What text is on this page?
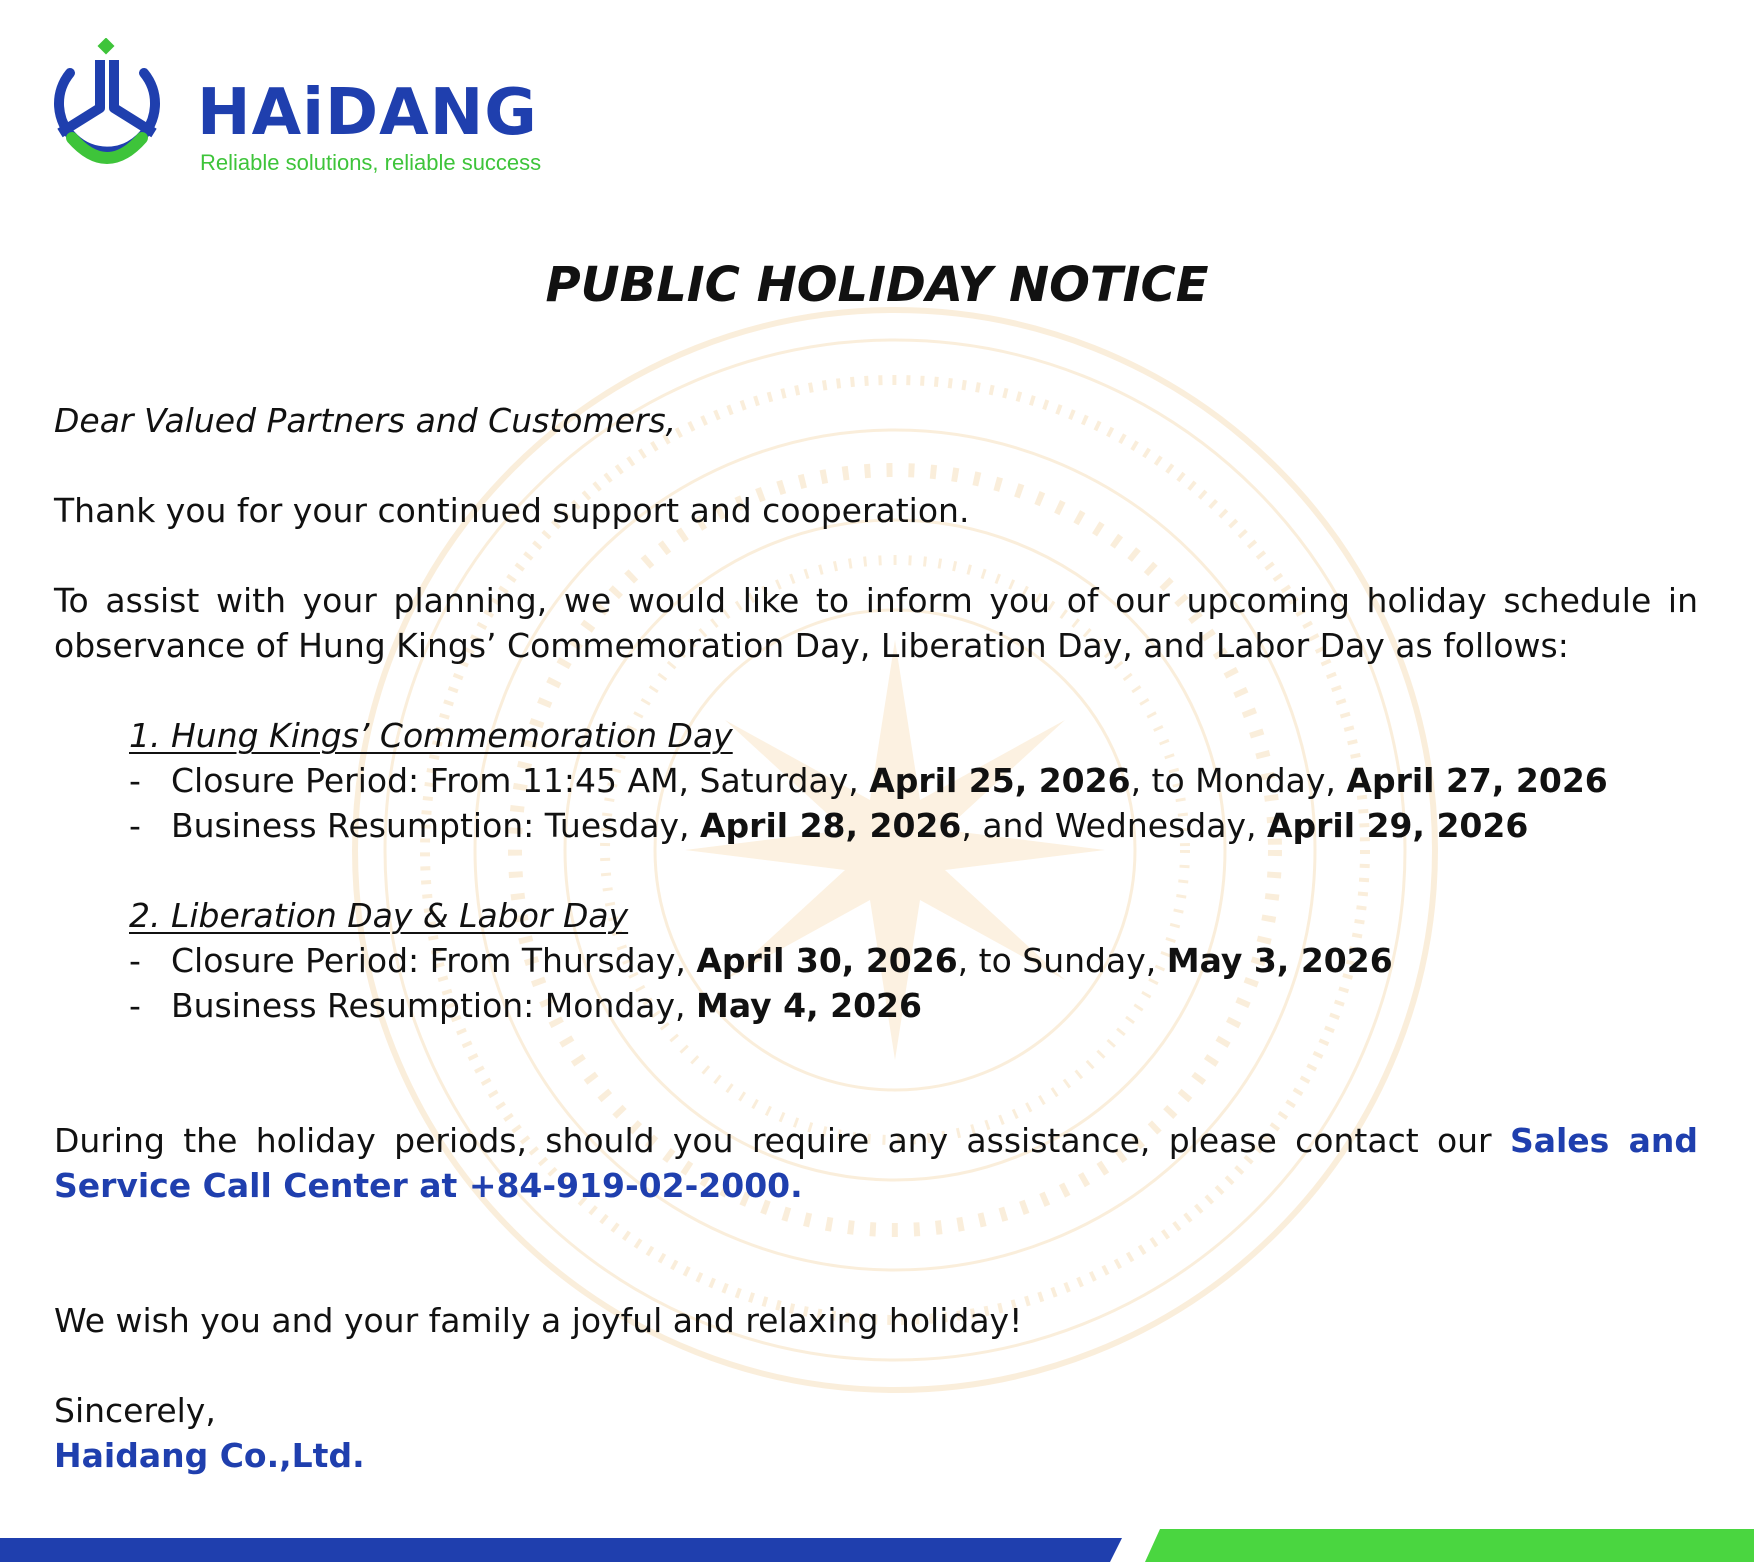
HAiDANG
Reliable solutions, reliable success
PUBLIC HOLIDAY NOTICE

Dear Valued Partners and Customers,

Thank you for your continued support and cooperation.

To assist with your planning, we would like to inform you of our upcoming holiday schedule in observance of Hung Kings’ Commemoration Day, Liberation Day, and Labor Day as follows:

1. Hung Kings’ Commemoration Day
- Closure Period: From 11:45 AM, Saturday, April 25, 2026, to Monday, April 27, 2026
- Business Resumption: Tuesday, April 28, 2026, and Wednesday, April 29, 2026
2. Liberation Day & Labor Day
- Closure Period: From Thursday, April 30, 2026, to Sunday, May 3, 2026
- Business Resumption: Monday, May 4, 2026

During the holiday periods, should you require any assistance, please contact our Sales and Service Call Center at +84-919-02-2000.

We wish you and your family a joyful and relaxing holiday!

Sincerely,

Haidang Co.,Ltd.
